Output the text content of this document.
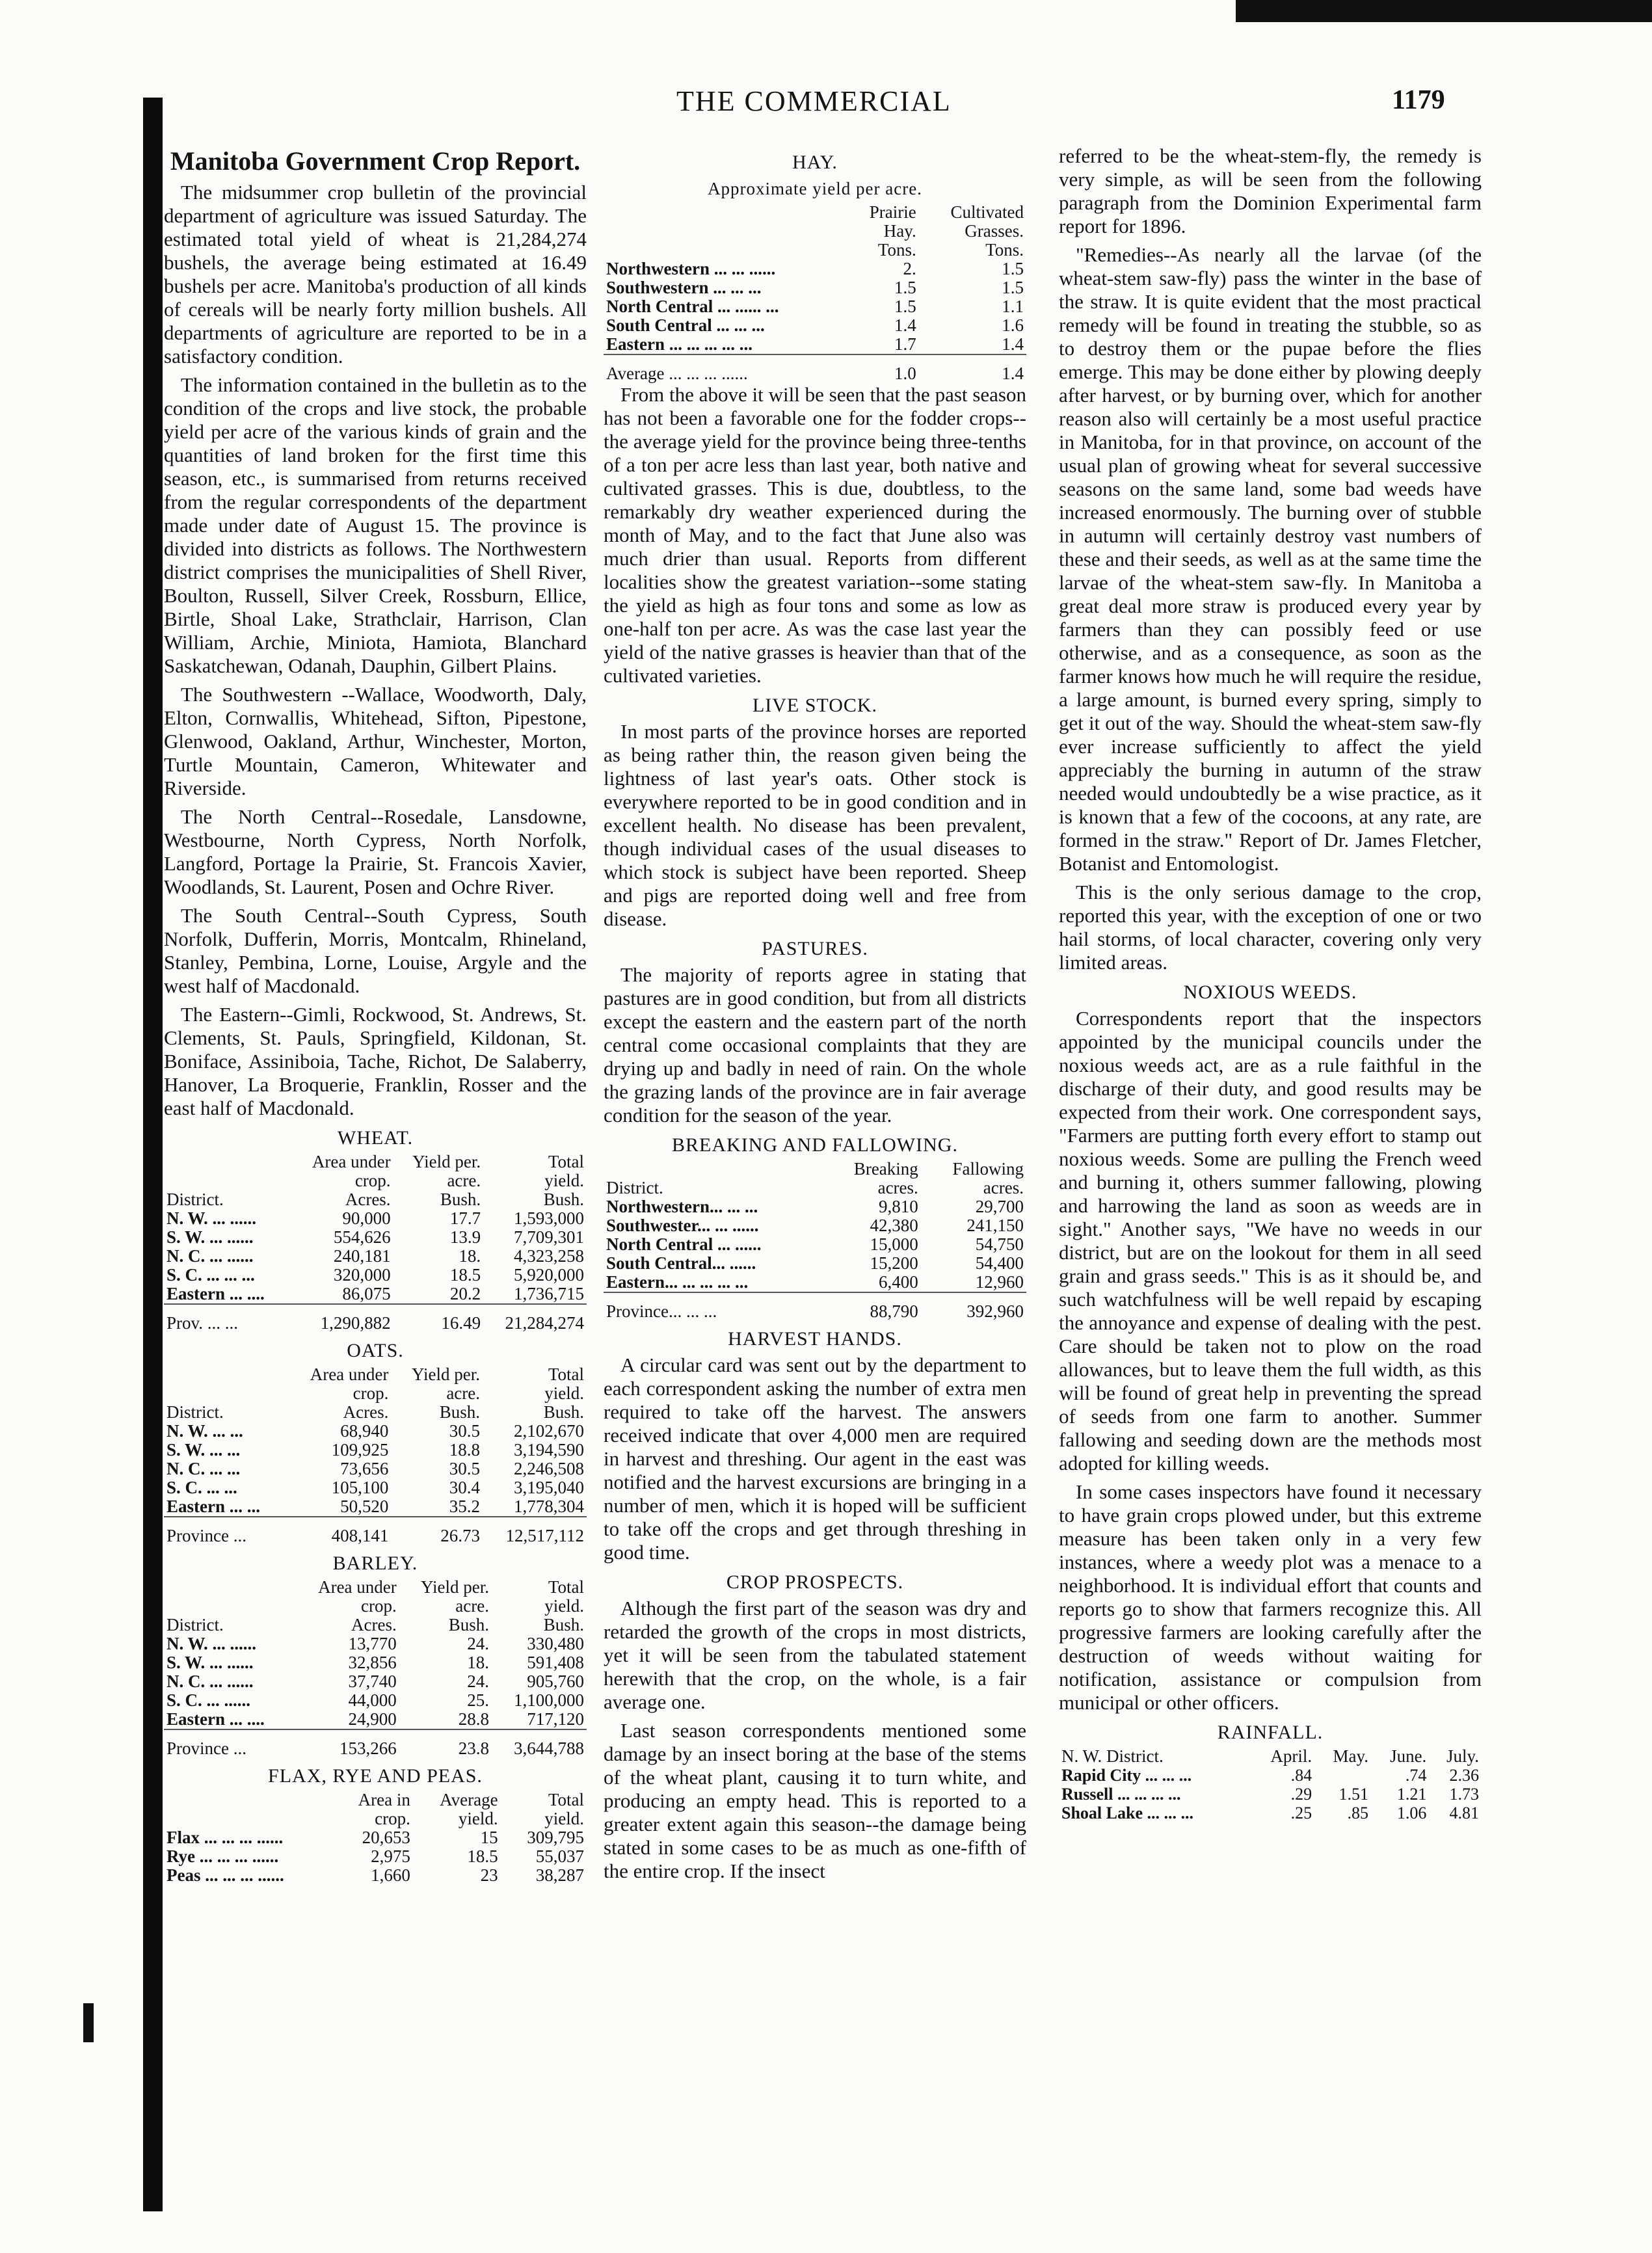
THE COMMERCIAL	1179
Manitoba Government Crop Report.

The midsummer crop bulletin of the provincial department of agriculture was issued Saturday. The estimated total yield of wheat is 21,284,274 bushels, the average being estimated at 16.49 bushels per acre. Manitoba's production of all kinds of cereals will be nearly forty million bushels. All departments of agriculture are reported to be in a satisfactory condition.

The information contained in the bulletin as to the condition of the crops and live stock, the probable yield per acre of the various kinds of grain and the quantities of land broken for the first time this season, etc., is summarised from returns received from the regular correspondents of the department made under date of August 15. The province is divided into districts as follows. The Northwestern district comprises the municipalities of Shell River, Boulton, Russell, Silver Creek, Rossburn, Ellice, Birtle, Shoal Lake, Strathclair, Harrison, Clan William, Archie, Miniota, Hamiota, Blanchard Saskatchewan, Odanah, Dauphin, Gilbert Plains.

The Southwestern --Wallace, Woodworth, Daly, Elton, Cornwallis, Whitehead, Sifton, Pipestone, Glenwood, Oakland, Arthur, Winchester, Morton, Turtle Mountain, Cameron, Whitewater and Riverside.

The North Central--Rosedale, Lansdowne, Westbourne, North Cypress, North Norfolk, Langford, Portage la Prairie, St. Francois Xavier, Woodlands, St. Laurent, Posen and Ochre River.

The South Central--South Cypress, South Norfolk, Dufferin, Morris, Montcalm, Rhineland, Stanley, Pembina, Lorne, Louise, Argyle and the west half of Macdonald.

The Eastern--Gimli, Rockwood, St. Andrews, St. Clements, St. Pauls, Springfield, Kildonan, St. Boniface, Assiniboia, Tache, Richot, De Salaberry, Hanover, La Broquerie, Franklin, Rosser and the east half of Macdonald.

WHEAT.
	Area under	Yield per.	Total
	crop.	acre.	yield.
District.	Acres.	Bush.	Bush.
N. W. ... ......	90,000	17.7	1,593,000
S. W. ... ......	554,626	13.9	7,709,301
N. C. ... ......	240,181	18.	4,323,258
S. C. ... ... ...	320,000	18.5	5,920,000
Eastern ... ....	86,075	20.2	1,736,715
Prov. ... ...	1,290,882	16.49	21,284,274
OATS.
	Area under	Yield per.	Total
	crop.	acre.	yield.
District.	Acres.	Bush.	Bush.
N. W. ... ...	68,940	30.5	2,102,670
S. W. ... ...	109,925	18.8	3,194,590
N. C. ... ...	73,656	30.5	2,246,508
S. C. ... ...	105,100	30.4	3,195,040
Eastern ... ...	50,520	35.2	1,778,304
Province ...	408,141	26.73	12,517,112
BARLEY.
	Area under	Yield per.	Total
	crop.	acre.	yield.
District.	Acres.	Bush.	Bush.
N. W. ... ......	13,770	24.	330,480
S. W. ... ......	32,856	18.	591,408
N. C. ... ......	37,740	24.	905,760
S. C. ... ......	44,000	25.	1,100,000
Eastern ... ....	24,900	28.8	717,120
Province ...	153,266	23.8	3,644,788
FLAX, RYE AND PEAS.
	Area in	Average	Total
	crop.	yield.	yield.
Flax ... ... ... ......	20,653	15	309,795
Rye ... ... ... ......	2,975	18.5	55,037
Peas ... ... ... ......	1,660	23	38,287
HAY.
Approximate yield per acre.
	Prairie	Cultivated
	Hay.	Grasses.
	Tons.	Tons.
Northwestern ... ... ......	2.	1.5
Southwestern ... ... ...	1.5	1.5
North Central ... ...... ...	1.5	1.1
South Central ... ... ...	1.4	1.6
Eastern ... ... ... ... ...	1.7	1.4
Average ... ... ... ......	1.0	1.4

From the above it will be seen that the past season has not been a favorable one for the fodder crops--the average yield for the province being three-tenths of a ton per acre less than last year, both native and cultivated grasses. This is due, doubtless, to the remarkably dry weather experienced during the month of May, and to the fact that June also was much drier than usual. Reports from different localities show the greatest variation--some stating the yield as high as four tons and some as low as one-half ton per acre. As was the case last year the yield of the native grasses is heavier than that of the cultivated varieties.

LIVE STOCK.

In most parts of the province horses are reported as being rather thin, the reason given being the lightness of last year's oats. Other stock is everywhere reported to be in good condition and in excellent health. No disease has been prevalent, though individual cases of the usual diseases to which stock is subject have been reported. Sheep and pigs are reported doing well and free from disease.

PASTURES.

The majority of reports agree in stating that pastures are in good condition, but from all districts except the eastern and the eastern part of the north central come occasional complaints that they are drying up and badly in need of rain. On the whole the grazing lands of the province are in fair average condition for the season of the year.

BREAKING AND FALLOWING.
	Breaking	Fallowing
District.	acres.	acres.
Northwestern... ... ...	9,810	29,700
Southwester... ... ......	42,380	241,150
North Central ... ......	15,000	54,750
South Central... ......	15,200	54,400
Eastern... ... ... ... ...	6,400	12,960
Province... ... ...	88,790	392,960
HARVEST HANDS.

A circular card was sent out by the department to each correspondent asking the number of extra men required to take off the harvest. The answers received indicate that over 4,000 men are required in harvest and threshing. Our agent in the east was notified and the harvest excursions are bringing in a number of men, which it is hoped will be sufficient to take off the crops and get through threshing in good time.

CROP PROSPECTS.

Although the first part of the season was dry and retarded the growth of the crops in most districts, yet it will be seen from the tabulated statement herewith that the crop, on the whole, is a fair average one.

Last season correspondents mentioned some damage by an insect boring at the base of the stems of the wheat plant, causing it to turn white, and producing an empty head. This is reported to a greater extent again this season--the damage being stated in some cases to be as much as one-fifth of the entire crop. If the insect

referred to be the wheat-stem-fly, the remedy is very simple, as will be seen from the following paragraph from the Dominion Experimental farm report for 1896.

"Remedies--As nearly all the larvae (of the wheat-stem saw-fly) pass the winter in the base of the straw. It is quite evident that the most practical remedy will be found in treating the stubble, so as to destroy them or the pupae before the flies emerge. This may be done either by plowing deeply after harvest, or by burning over, which for another reason also will certainly be a most useful practice in Manitoba, for in that province, on account of the usual plan of growing wheat for several successive seasons on the same land, some bad weeds have increased enormously. The burning over of stubble in autumn will certainly destroy vast numbers of these and their seeds, as well as at the same time the larvae of the wheat-stem saw-fly. In Manitoba a great deal more straw is produced every year by farmers than they can possibly feed or use otherwise, and as a consequence, as soon as the farmer knows how much he will require the residue, a large amount, is burned every spring, simply to get it out of the way. Should the wheat-stem saw-fly ever increase sufficiently to affect the yield appreciably the burning in autumn of the straw needed would undoubtedly be a wise practice, as it is known that a few of the cocoons, at any rate, are formed in the straw." Report of Dr. James Fletcher, Botanist and Entomologist.

This is the only serious damage to the crop, reported this year, with the exception of one or two hail storms, of local character, covering only very limited areas.

NOXIOUS WEEDS.

Correspondents report that the inspectors appointed by the municipal councils under the noxious weeds act, are as a rule faithful in the discharge of their duty, and good results may be expected from their work. One correspondent says, "Farmers are putting forth every effort to stamp out noxious weeds. Some are pulling the French weed and burning it, others summer fallowing, plowing and harrowing the land as soon as weeds are in sight." Another says, "We have no weeds in our district, but are on the lookout for them in all seed grain and grass seeds." This is as it should be, and such watchfulness will be well repaid by escaping the annoyance and expense of dealing with the pest. Care should be taken not to plow on the road allowances, but to leave them the full width, as this will be found of great help in preventing the spread of seeds from one farm to another. Summer fallowing and seeding down are the methods most adopted for killing weeds.

In some cases inspectors have found it necessary to have grain crops plowed under, but this extreme measure has been taken only in a very few instances, where a weedy plot was a menace to a neighborhood. It is individual effort that counts and reports go to show that farmers recognize this. All progressive farmers are looking carefully after the destruction of weeds without waiting for notification, assistance or compulsion from municipal or other officers.

RAINFALL.
N. W. District.	April.	May.	June.	July.
Rapid City ... ... ...	.84		.74	2.36
Russell ... ... ... ...	.29	1.51	1.21	1.73
Shoal Lake ... ... ...	.25	.85	1.06	4.81
